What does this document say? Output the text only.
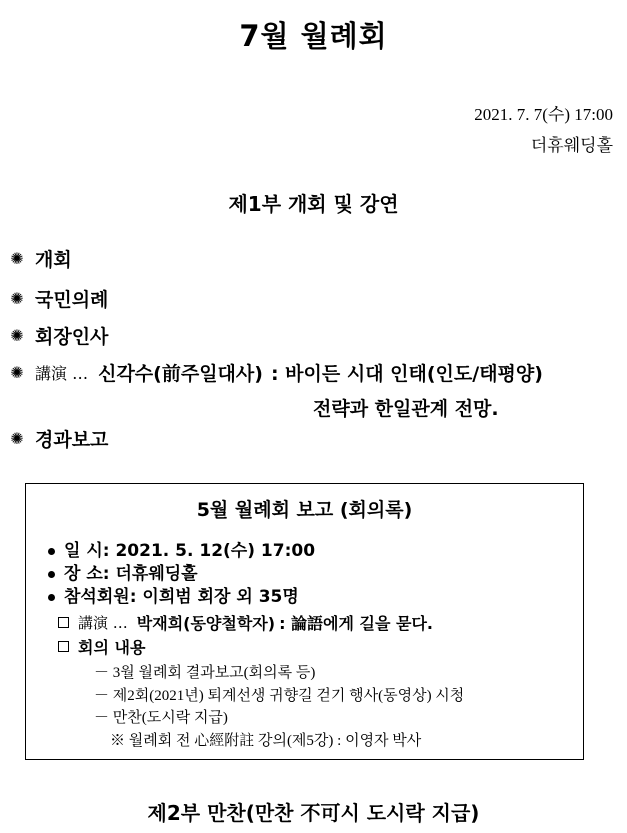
7월 월례회
2021. 7. 7(수) 17:00
더휴웨딩홀
제1부 개회 및 강연
✺ 개회
✺ 국민의례
✺ 회장인사
✺ 講演 … 신각수(前주일대사) : 바이든 시대 인태(인도/태평양)
전략과 한일관계 전망.
✺ 경과보고
5월 월례회 보고 (회의록)
일 시: 2021. 5. 12(수) 17:00
장 소: 더휴웨딩홀
참석회원: 이희범 회장 외 35명
講演 … 박재희(동양철학자) : 論語에게 길을 묻다.
회의 내용
－ 3월 월례회 결과보고(회의록 등)
－ 제2회(2021년) 퇴계선생 귀향길 걷기 행사(동영상) 시청
－ 만찬(도시락 지급)
※ 월례회 전 心經附註 강의(제5강) : 이영자 박사
제2부 만찬(만찬 不可시 도시락 지급)
